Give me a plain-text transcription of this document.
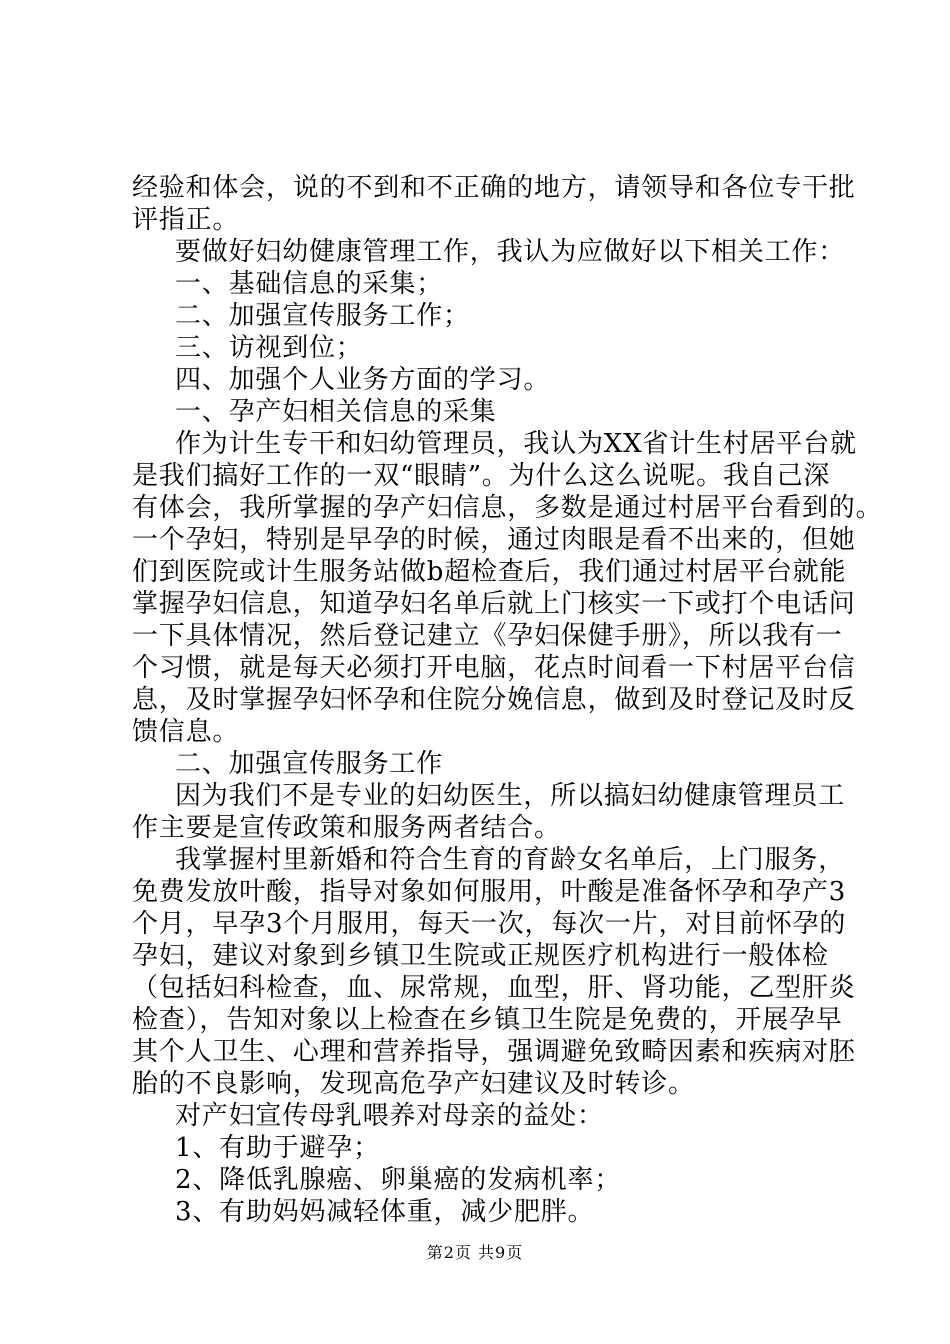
经验和体会，说的不到和不正确的地方，请领导和各位专干批
评指正。
要做好妇幼健康管理工作，我认为应做好以下相关工作：
一、基础信息的采集；
二、加强宣传服务工作；
三、访视到位；
四、加强个人业务方面的学习。
一、孕产妇相关信息的采集
作为计生专干和妇幼管理员，我认为XX省计生村居平台就
是我们搞好工作的一双“眼睛”。为什么这么说呢。我自己深
有体会，我所掌握的孕产妇信息，多数是通过村居平台看到的。
一个孕妇，特别是早孕的时候，通过肉眼是看不出来的，但她
们到医院或计生服务站做b超检查后，我们通过村居平台就能
掌握孕妇信息，知道孕妇名单后就上门核实一下或打个电话问
一下具体情况，然后登记建立《孕妇保健手册》，所以我有一
个习惯，就是每天必须打开电脑，花点时间看一下村居平台信
息，及时掌握孕妇怀孕和住院分娩信息，做到及时登记及时反
馈信息。
二、加强宣传服务工作
因为我们不是专业的妇幼医生，所以搞妇幼健康管理员工
作主要是宣传政策和服务两者结合。
我掌握村里新婚和符合生育的育龄女名单后，上门服务，
免费发放叶酸，指导对象如何服用，叶酸是准备怀孕和孕产3
个月，早孕3个月服用，每天一次，每次一片，对目前怀孕的
孕妇，建议对象到乡镇卫生院或正规医疗机构进行一般体检
（包括妇科检查，血、尿常规，血型，肝、肾功能，乙型肝炎
检查），告知对象以上检查在乡镇卫生院是免费的，开展孕早
其个人卫生、心理和营养指导，强调避免致畸因素和疾病对胚
胎的不良影响，发现高危孕产妇建议及时转诊。
对产妇宣传母乳喂养对母亲的益处：
1、有助于避孕；
2、降低乳腺癌、卵巢癌的发病机率；
3、有助妈妈减轻体重，减少肥胖。
第2页 共9页
